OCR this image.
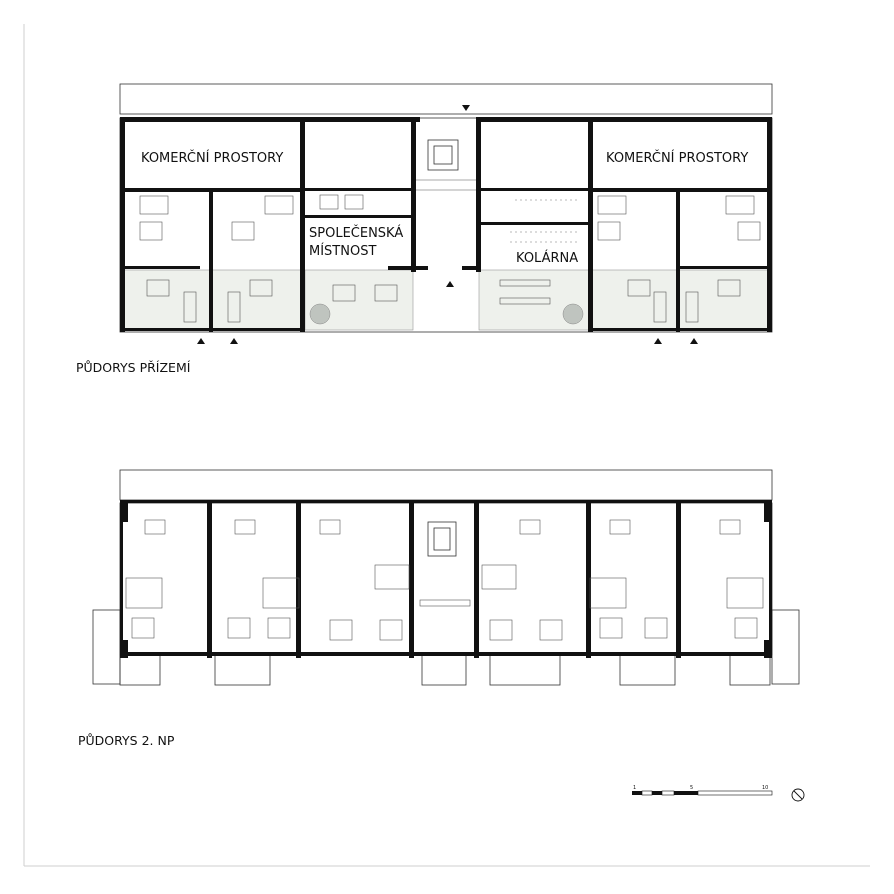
KOMERČNÍ PROSTORY	KOMERČNÍ PROSTORY
SPOLEČENSKÁ
MÍSTNOST	KOLÁRNA
PŮDORYS PŘÍZEMÍ
PŮDORYS 2. NP
1	5	10
